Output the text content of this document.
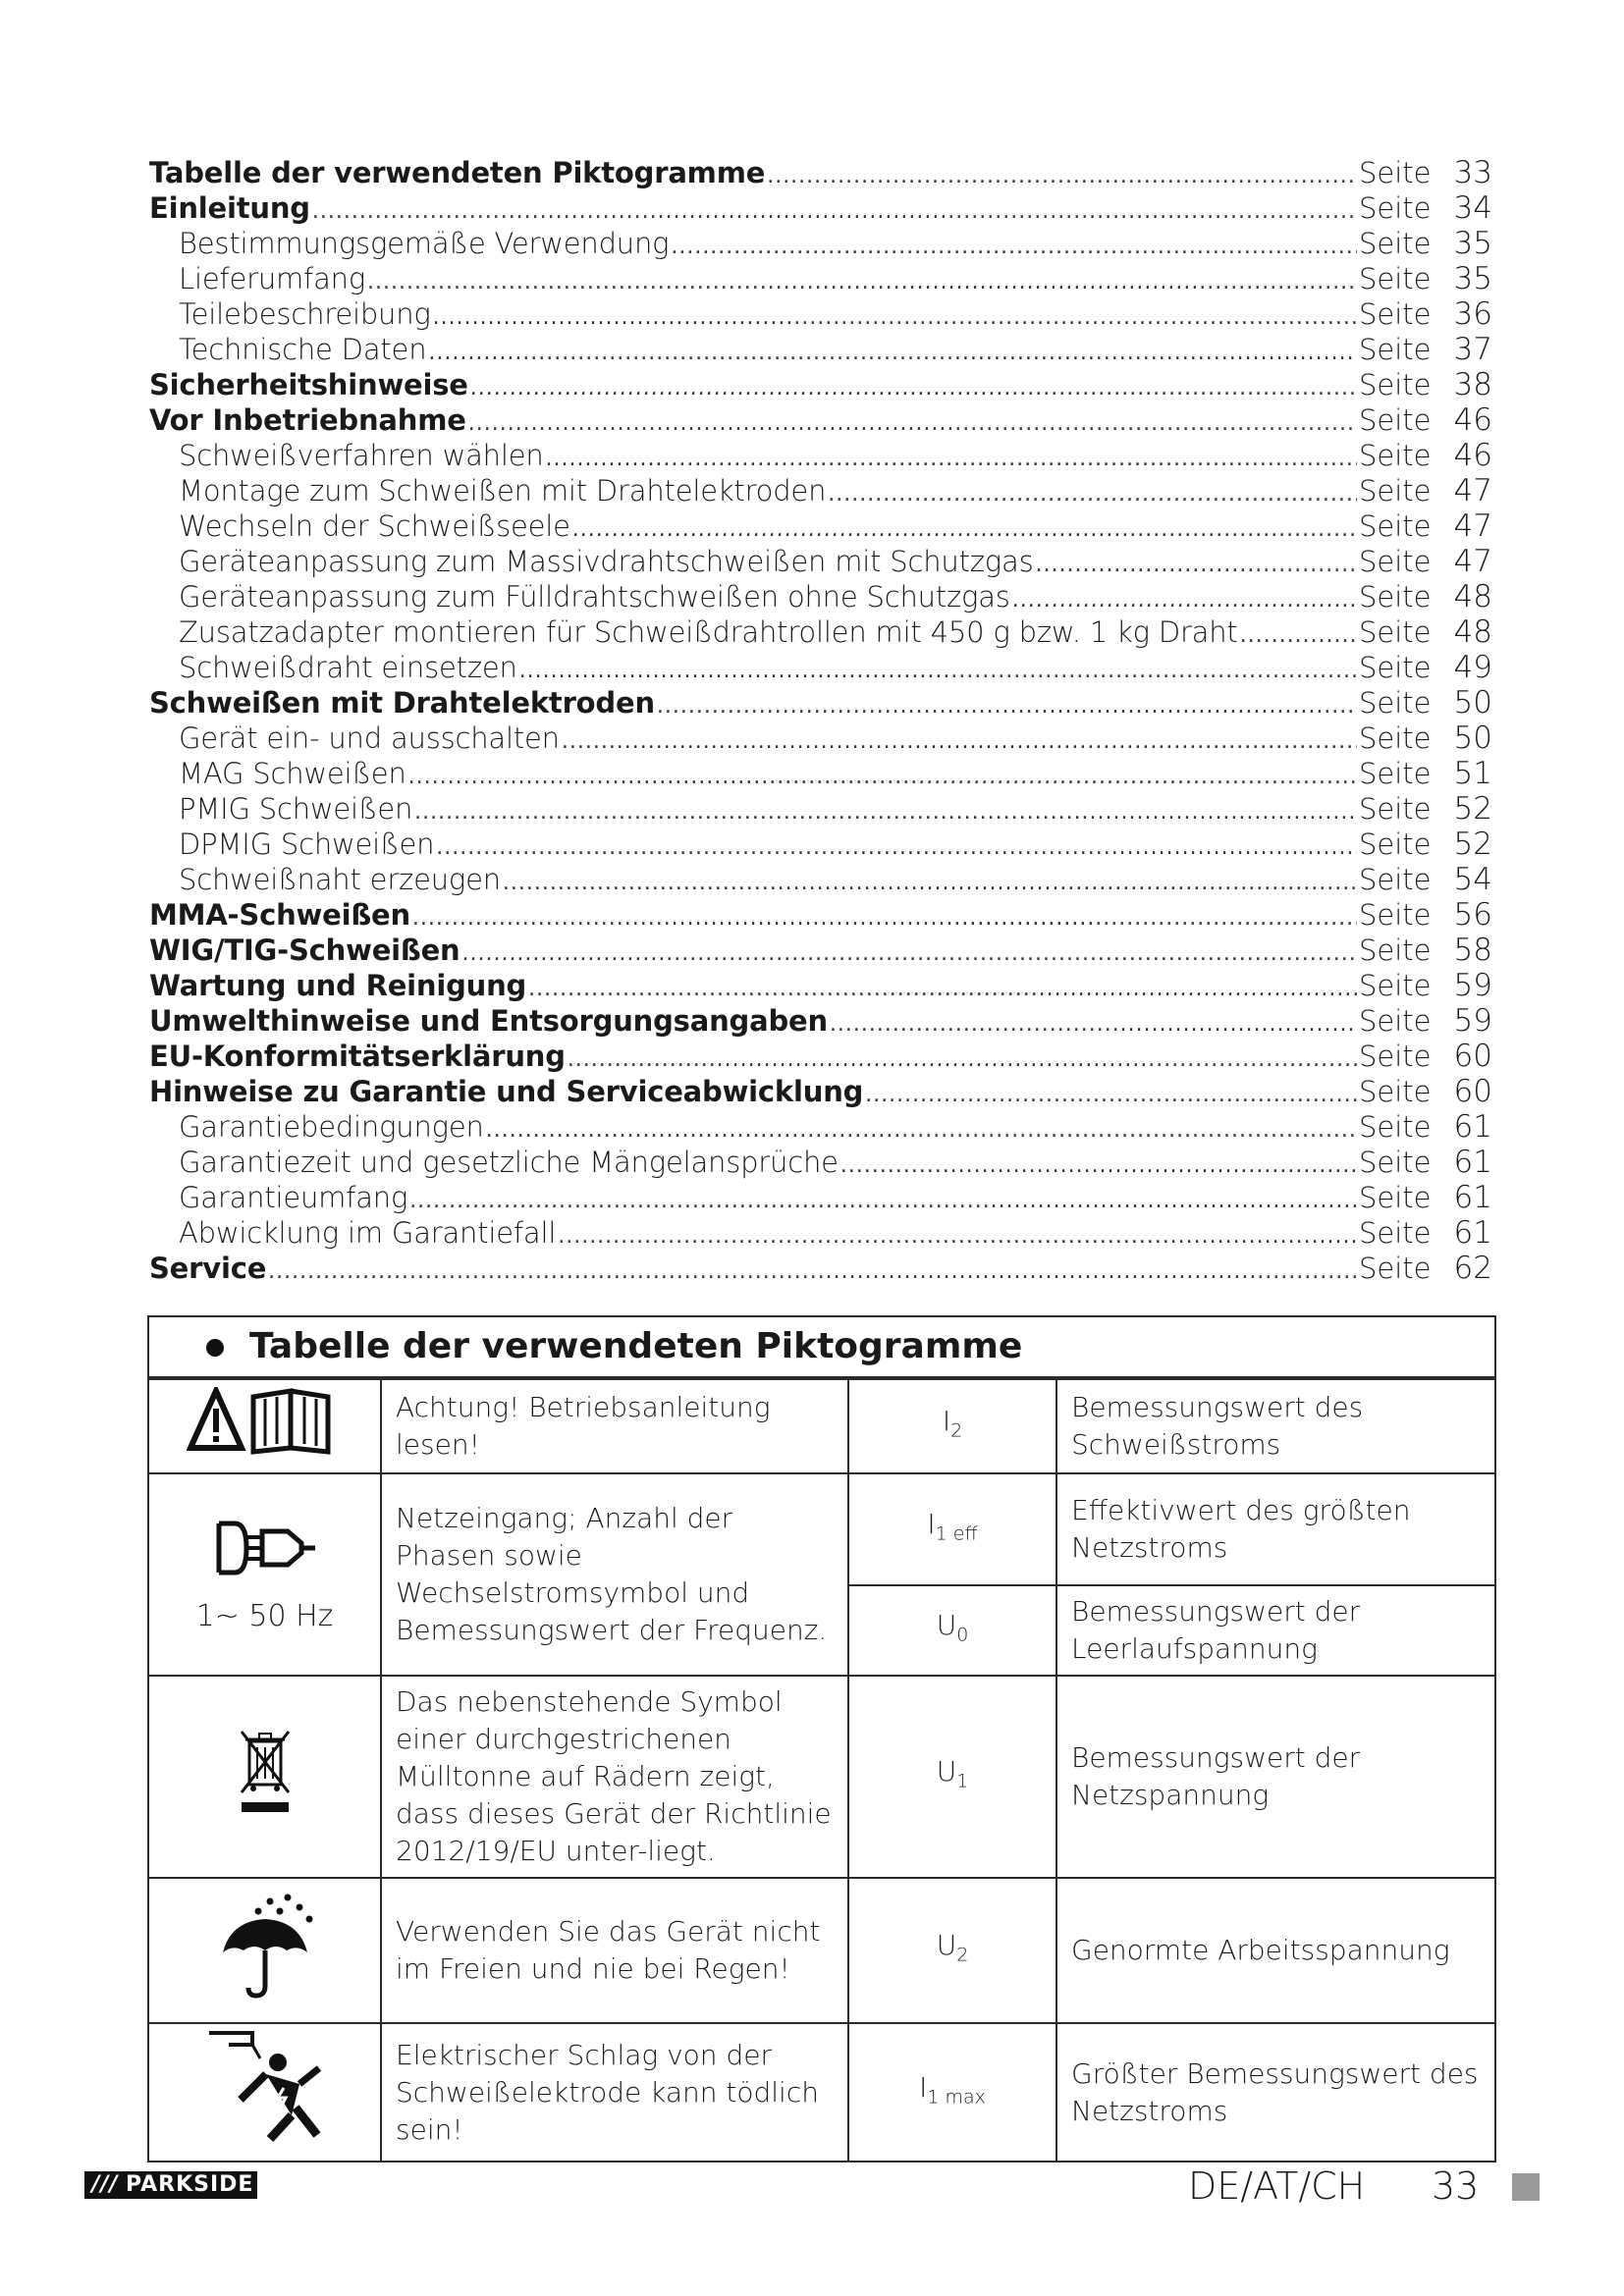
Tabelle der verwendeten Piktogramme .....	Seite 33
Einleitung .....	Seite 34
Bestimmungsgemäße Verwendung .....	Seite 35
Lieferumfang .....	Seite 35
Teilebeschreibung .....	Seite 36
Technische Daten .....	Seite 37
Sicherheitshinweise .....	Seite 38
Vor Inbetriebnahme .....	Seite 46
Schweißverfahren wählen .....	Seite 46
Montage zum Schweißen mit Drahtelektroden .....	Seite 47
Wechseln der Schweißseele .....	Seite 47
Geräteanpassung zum Massivdrahtschweißen mit Schutzgas .....	Seite 47
Geräteanpassung zum Fülldrahtschweißen ohne Schutzgas .....	Seite 48
Zusatzadapter montieren für Schweißdrahtrollen mit 450 g bzw. 1 kg Draht .....	Seite 48
Schweißdraht einsetzen .....	Seite 49
Schweißen mit Drahtelektroden .....	Seite 50
Gerät ein- und ausschalten .....	Seite 50
MAG Schweißen .....	Seite 51
PMIG Schweißen .....	Seite 52
DPMIG Schweißen .....	Seite 52
Schweißnaht erzeugen .....	Seite 54
MMA-Schweißen .....	Seite 56
WIG/TIG-Schweißen .....	Seite 58
Wartung und Reinigung .....	Seite 59
Umwelthinweise und Entsorgungsangaben .....	Seite 59
EU-Konformitätserklärung .....	Seite 60
Hinweise zu Garantie und Serviceabwicklung .....	Seite 60
Garantiebedingungen .....	Seite 61
Garantiezeit und gesetzliche Mängelansprüche .....	Seite 61
Garantieumfang .....	Seite 61
Abwicklung im Garantiefall .....	Seite 61
Service .....	Seite 62
Tabelle der verwendeten Piktogramme
	Achtung! Betriebsanleitung lesen!	$I_2$	Bemessungswert des Schweißstroms

1~ 50 Hz	Netzeingang; Anzahl der Phasen sowie Wechselstromsymbol und Bemessungswert der Frequenz.	$I_{1 eff}$	Effektivwert des größten Netzstroms
		$U_0$	Bemessungswert der Leerlaufspannung
	Das nebenstehende Symbol einer durchgestrichenen Mülltonne auf Rädern zeigt, dass dieses Gerät der Richtlinie 2012/19/EU unter-liegt.	$U_1$	Bemessungswert der Netzspannung
	Verwenden Sie das Gerät nicht im Freien und nie bei Regen!	$U_2$	Genormte Arbeitsspannung
	Elektrischer Schlag von der Schweißelektrode kann tödlich sein!	$I_{1 max}$	Größter Bemessungswert des Netzstroms
/// PARKSIDE	DE/AT/CH 33
